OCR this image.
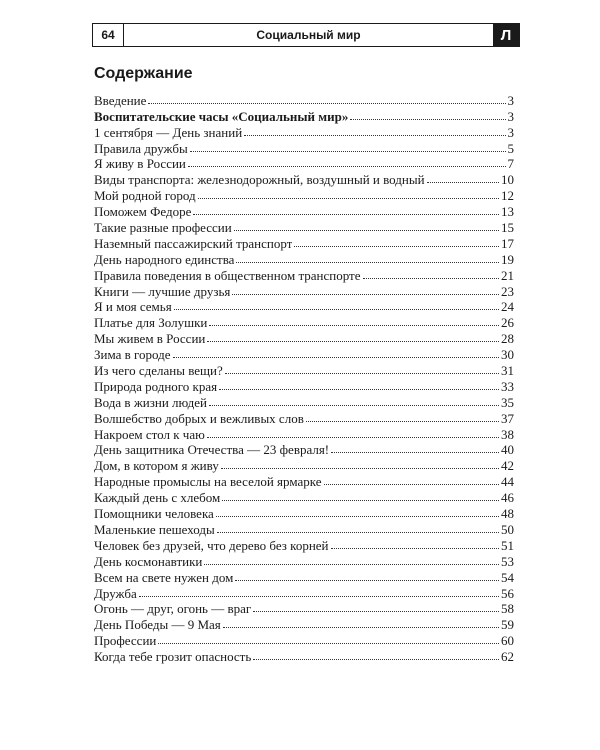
64	Социальный мир	Л
Содержание
Введение	3
Воспитательские часы «Социальный мир»	3
1 сентября — День знаний	3
Правила дружбы	5
Я живу в России	7
Виды транспорта: железнодорожный, воздушный и водный	10
Мой родной город	12
Поможем Федоре	13
Такие разные профессии	15
Наземный пассажирский транспорт	17
День народного единства	19
Правила поведения в общественном транспорте	21
Книги — лучшие друзья	23
Я и моя семья	24
Платье для Золушки	26
Мы живем в России	28
Зима в городе	30
Из чего сделаны вещи?	31
Природа родного края	33
Вода в жизни людей	35
Волшебство добрых и вежливых слов	37
Накроем стол к чаю	38
День защитника Отечества — 23 февраля!	40
Дом, в котором я живу	42
Народные промыслы на веселой ярмарке	44
Каждый день с хлебом	46
Помощники человека	48
Маленькие пешеходы	50
Человек без друзей, что дерево без корней	51
День космонавтики	53
Всем на свете нужен дом	54
Дружба	56
Огонь — друг, огонь — враг	58
День Победы — 9 Мая	59
Профессии	60
Когда тебе грозит опасность	62
